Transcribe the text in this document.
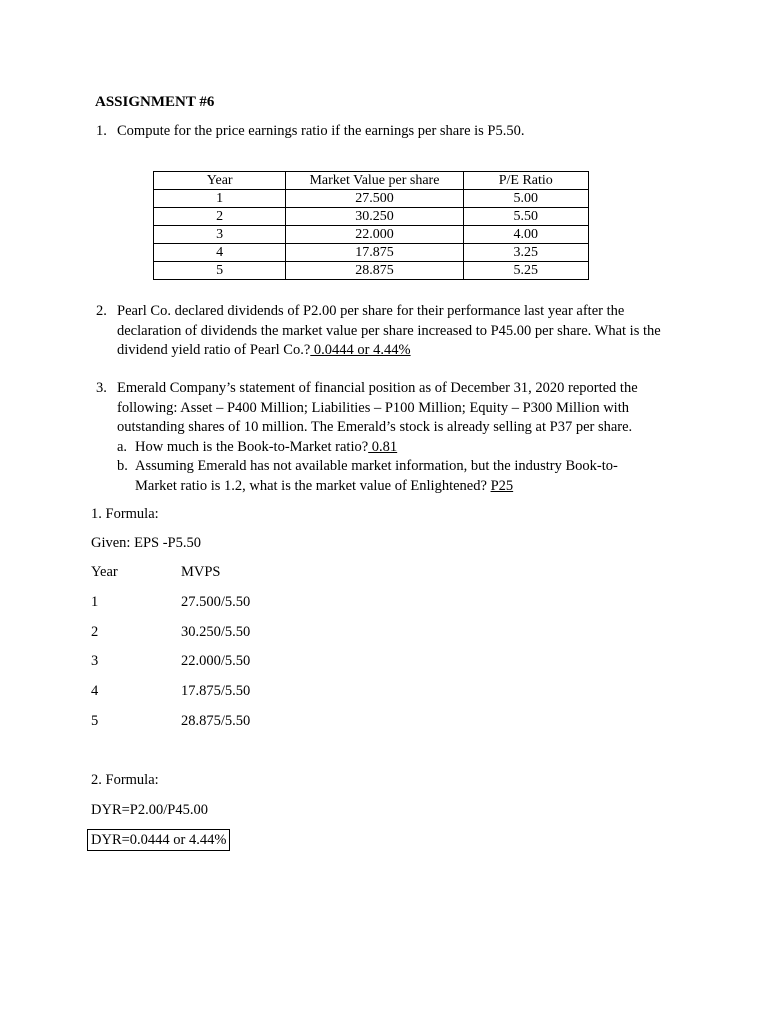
ASSIGNMENT #6
1. Compute for the price earnings ratio if the earnings per share is P5.50.
Year	Market Value per share	P/E Ratio
1	27.500	5.00
2	30.250	5.50
3	22.000	4.00
4	17.875	3.25
5	28.875	5.25
2. Pearl Co. declared dividends of P2.00 per share for their performance last year after the declaration of dividends the market value per share increased to P45.00 per share. What is the dividend yield ratio of Pearl Co.? 0.0444 or 4.44%
3. Emerald Company’s statement of financial position as of December 31, 2020 reported the following: Asset – P400 Million; Liabilities – P100 Million; Equity – P300 Million with outstanding shares of 10 million. The Emerald’s stock is already selling at P37 per share.
a. How much is the Book-to-Market ratio? 0.81
b. Assuming Emerald has not available market information, but the industry Book-to-Market ratio is 1.2, what is the market value of Enlightened? P25
1. Formula:
Given: EPS -P5.50
Year	MVPS
1	27.500/5.50
2	30.250/5.50
3	22.000/5.50
4	17.875/5.50
5	28.875/5.50
2. Formula:
DYR=P2.00/P45.00
DYR=0.0444 or 4.44%
